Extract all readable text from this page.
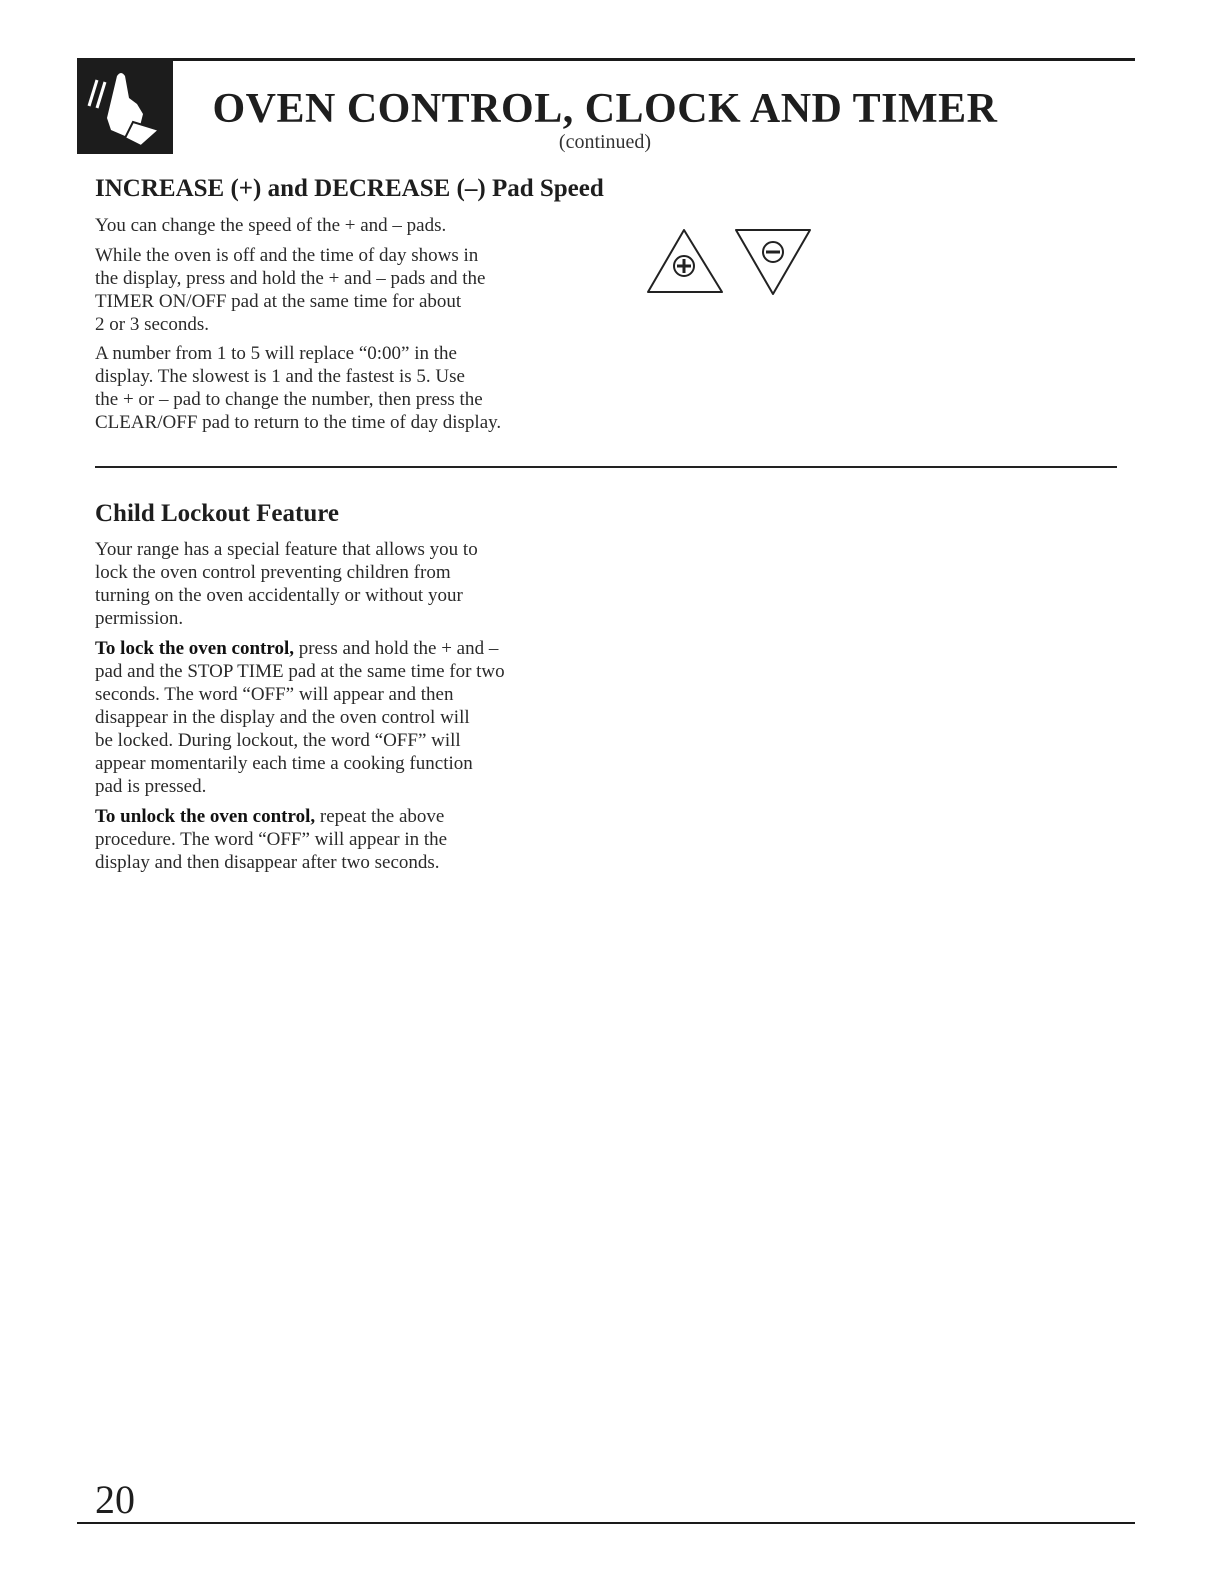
OVEN CONTROL, CLOCK AND TIMER
(continued)
INCREASE (+) and DECREASE (–) Pad Speed

You can change the speed of the + and – pads.

While the oven is off and the time of day shows in
the display, press and hold the + and – pads and the
TIMER ON/OFF pad at the same time for about
2 or 3 seconds.

A number from 1 to 5 will replace “0:00” in the
display. The slowest is 1 and the fastest is 5. Use
the + or – pad to change the number, then press the
CLEAR/OFF pad to return to the time of day display.

Child Lockout Feature

Your range has a special feature that allows you to
lock the oven control preventing children from
turning on the oven accidentally or without your
permission.

To lock the oven control, press and hold the + and –
pad and the STOP TIME pad at the same time for two
seconds. The word “OFF” will appear and then
disappear in the display and the oven control will
be locked. During lockout, the word “OFF” will
appear momentarily each time a cooking function
pad is pressed.

To unlock the oven control, repeat the above
procedure. The word “OFF” will appear in the
display and then disappear after two seconds.

20
